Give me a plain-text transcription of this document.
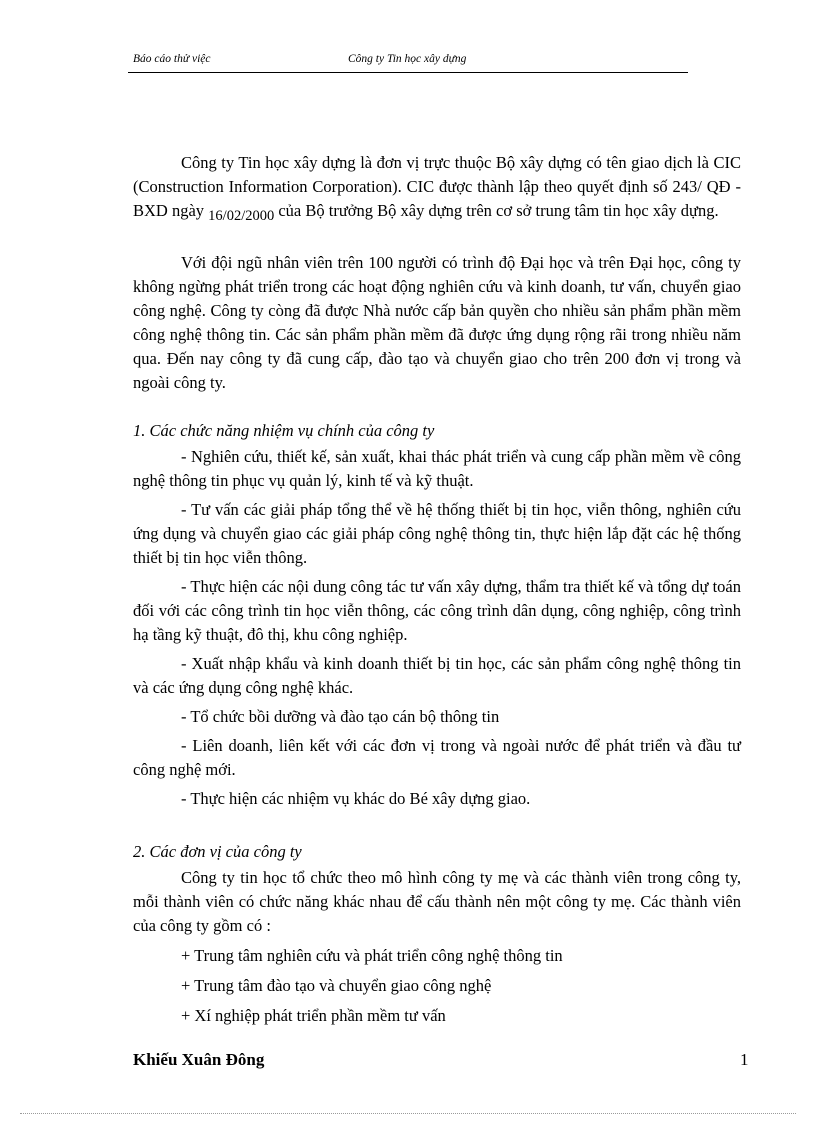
Báo cáo thử việc	Công ty Tin học xây dựng

Công ty Tin học xây dựng là đơn vị trực thuộc Bộ xây dựng có tên giao dịch là CIC (Construction Information Corporation). CIC được thành lập theo quyết định số 243/ QĐ - BXD ngày 16/02/2000 của Bộ trưởng Bộ xây dựng trên cơ sở trung tâm tin học xây dựng.

Với đội ngũ nhân viên trên 100 người có trình độ Đại học và trên Đại học, công ty không ngừng phát triển trong các hoạt động nghiên cứu và kinh doanh, tư vấn, chuyển giao công nghệ. Công ty còng đã được Nhà nước cấp bản quyền cho nhiều sản phẩm phần mềm công nghệ thông tin. Các sản phẩm phần mềm đã được ứng dụng rộng rãi trong nhiều năm qua. Đến nay công ty đã cung cấp, đào tạo và chuyển giao cho trên 200 đơn vị trong và ngoài công ty.

1. Các chức năng nhiệm vụ chính của công ty

- Nghiên cứu, thiết kế, sản xuất, khai thác phát triển và cung cấp phần mềm về công nghệ thông tin phục vụ quản lý, kinh tế và kỹ thuật.

- Tư vấn các giải pháp tổng thể về hệ thống thiết bị tin học, viễn thông, nghiên cứu ứng dụng và chuyển giao các giải pháp công nghệ thông tin, thực hiện lắp đặt các hệ thống thiết bị tin học viễn thông.

- Thực hiện các nội dung công tác tư vấn xây dựng, thẩm tra thiết kế và tổng dự toán đối với các công trình tin học viễn thông, các công trình dân dụng, công nghiệp, công trình hạ tầng kỹ thuật, đô thị, khu công nghiệp.

- Xuất nhập khẩu và kinh doanh thiết bị tin học, các sản phẩm công nghệ thông tin và các ứng dụng công nghệ khác.

- Tổ chức bồi dưỡng và đào tạo cán bộ thông tin

- Liên doanh, liên kết với các đơn vị trong và ngoài nước để phát triển và đầu tư công nghệ mới.

- Thực hiện các nhiệm vụ khác do Bé xây dựng giao.

2. Các đơn vị của công ty

Công ty tin học tổ chức theo mô hình công ty mẹ và các thành viên trong công ty, mỗi thành viên có chức năng khác nhau để cấu thành nên một công ty mẹ. Các thành viên của công ty gồm có :

+ Trung tâm nghiên cứu và phát triển công nghệ thông tin

+ Trung tâm đào tạo và chuyển giao công nghệ

+ Xí nghiệp phát triển phần mềm tư vấn

Khiếu Xuân Đông	1
